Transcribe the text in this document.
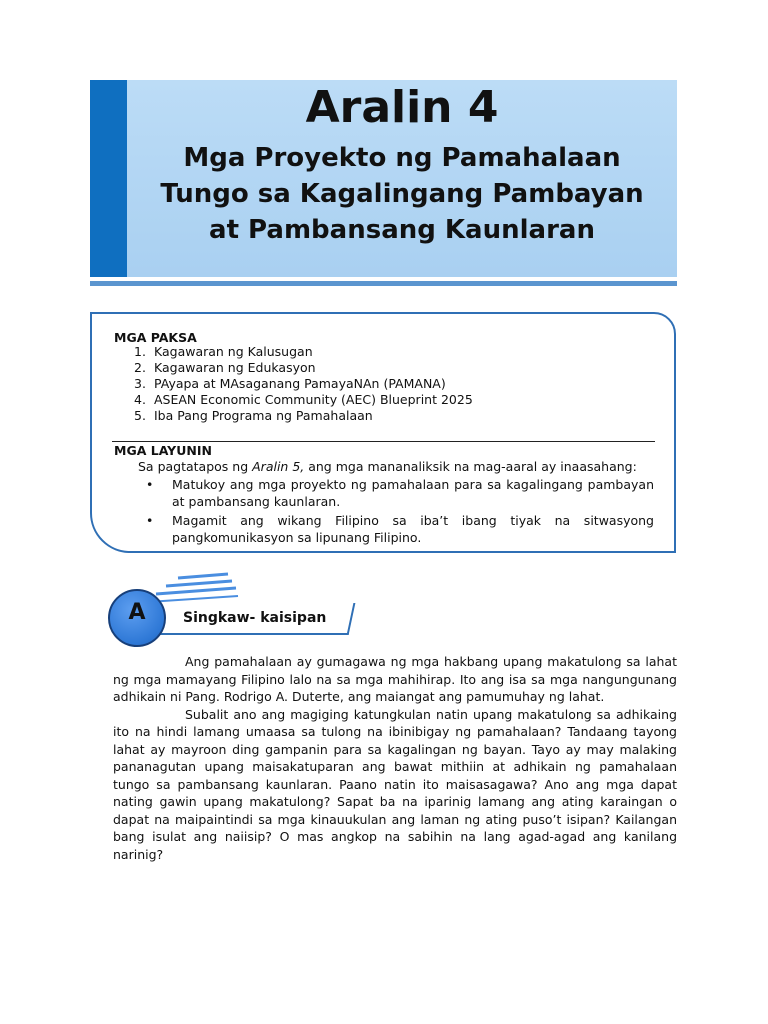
Aralin 4
Mga Proyekto ng Pamahalaan
Tungo sa Kagalingang Pambayan
at Pambansang Kaunlaran
MGA PAKSA
1. Kagawaran ng Kalusugan
2. Kagawaran ng Edukasyon
3. PAyapa at MAsaganang PamayaNAn (PAMANA)
4. ASEAN Economic Community (AEC) Blueprint 2025
5. Iba Pang Programa ng Pamahalaan
MGA LAYUNIN
Sa pagtatapos ng Aralin 5, ang mga mananaliksik na mag-aaral ay inaasahang:
• Matukoy ang mga proyekto ng pamahalaan para sa kagalingang pambayan at pambansang kaunlaran.
• Magamit ang wikang Filipino sa iba’t ibang tiyak na sitwasyong pangkomunikasyon sa lipunang Filipino.
Singkaw- kaisipan
A

Ang pamahalaan ay gumagawa ng mga hakbang upang makatulong sa lahat ng mga mamayang Filipino lalo na sa mga mahihirap. Ito ang isa sa mga nangungunang adhikain ni Pang. Rodrigo A. Duterte, ang maiangat ang pamumuhay ng lahat.

Subalit ano ang magiging katungkulan natin upang makatulong sa adhikaing ito na hindi lamang umaasa sa tulong na ibinibigay ng pamahalaan? Tandaang tayong lahat ay mayroon ding gampanin para sa kagalingan ng bayan. Tayo ay may malaking pananagutan upang maisakatuparan ang bawat mithiin at adhikain ng pamahalaan tungo sa pambansang kaunlaran. Paano natin ito maisasagawa? Ano ang mga dapat nating gawin upang makatulong? Sapat ba na iparinig lamang ang ating karaingan o dapat na maipaintindi sa mga kinauukulan ang laman ng ating puso’t isipan? Kailangan bang isulat ang naiisip? O mas angkop na sabihin na lang agad-agad ang kanilang narinig?
